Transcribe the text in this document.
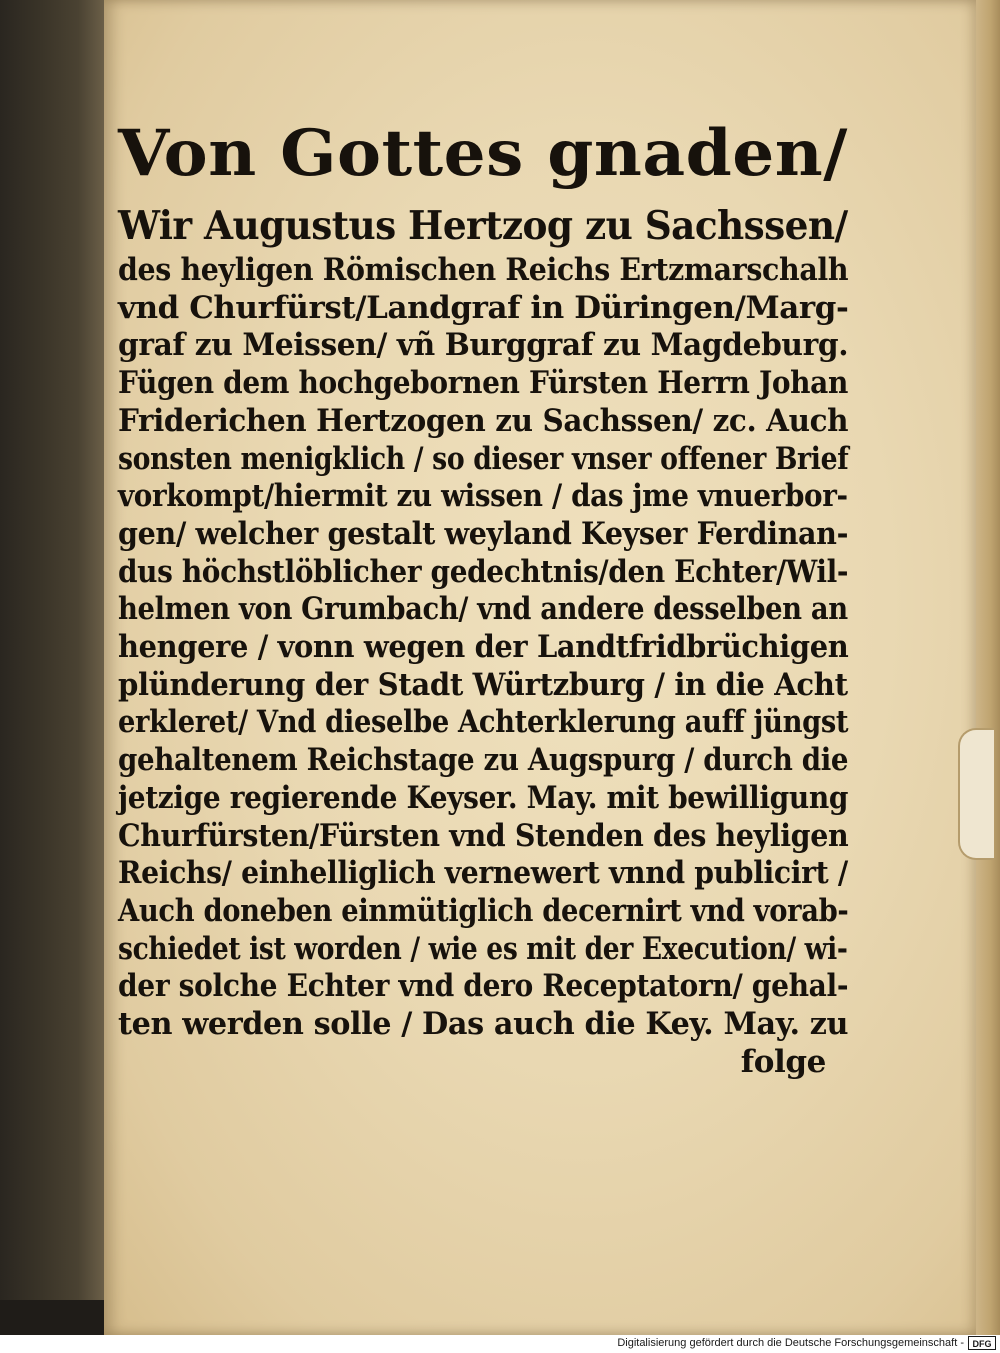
Von Gottes gnaden/
Wir Augustus Hertzog zu Sachssen/
des heyligen Römischen Reichs Ertzmarschalh
vnd Churfürst/Landgraf in Düringen/Marg-
graf zu Meissen/ vñ Burggraf zu Magdeburg.
Fügen dem hochgebornen Fürsten Herrn Johan
Friderichen Hertzogen zu Sachssen/ zc. Auch
sonsten menigklich / so dieser vnser offener Brief
vorkompt/hiermit zu wissen / das jme vnuerbor-
gen/ welcher gestalt weyland Keyser Ferdinan-
dus höchstlöblicher gedechtnis/den Echter/Wil-
helmen von Grumbach/ vnd andere desselben an
hengere / vonn wegen der Landtfridbrüchigen
plünderung der Stadt Würtzburg / in die Acht
erkleret/ Vnd dieselbe Achterklerung auff jüngst
gehaltenem Reichstage zu Augspurg / durch die
jetzige regierende Keyser. May. mit bewilligung
Churfürsten/Fürsten vnd Stenden des heyligen
Reichs/ einhelliglich vernewert vnnd publicirt /
Auch doneben einmütiglich decernirt vnd vorab-
schiedet ist worden / wie es mit der Execution/ wi-
der solche Echter vnd dero Receptatorn/ gehal-
ten werden solle / Das auch die Key. May. zu
folge
Digitalisierung gefördert durch die Deutsche Forschungsgemeinschaft - DFG
